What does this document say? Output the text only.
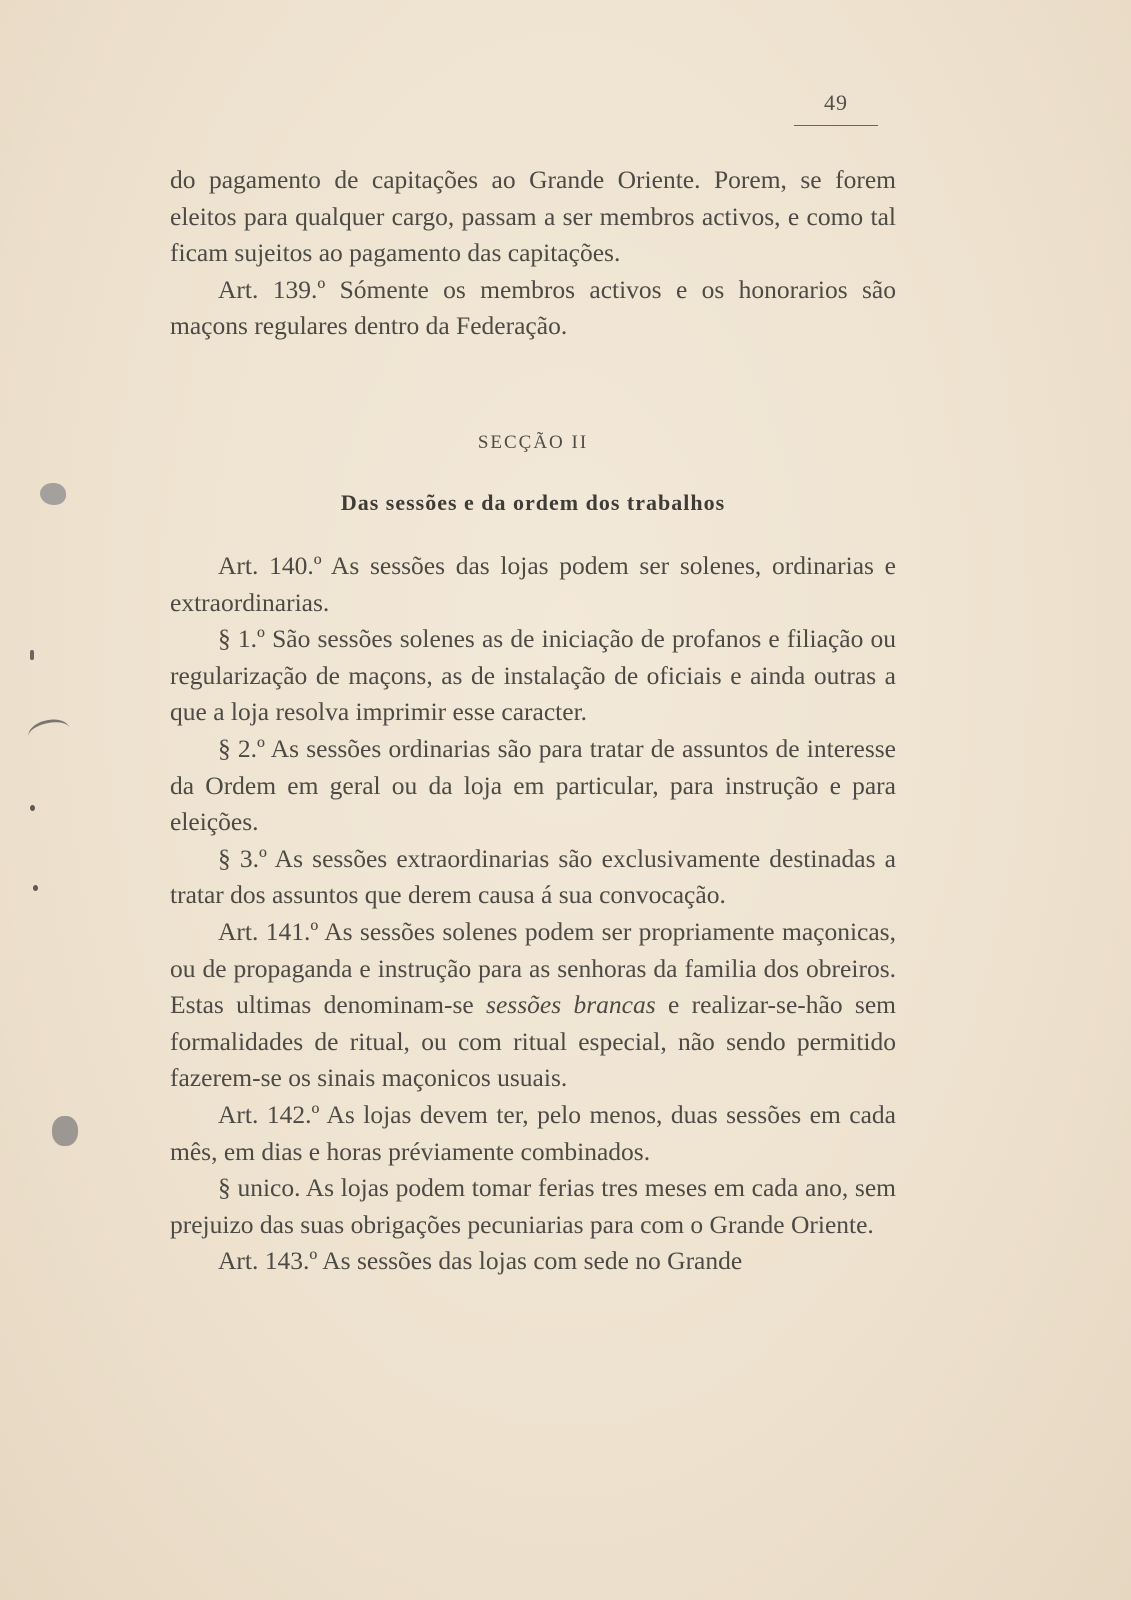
49

do pagamento de capitações ao Grande Oriente. Porem, se forem eleitos para qualquer cargo, passam a ser membros activos, e como tal ficam sujeitos ao pagamento das capitações.

Art. 139.º Sómente os membros activos e os honorarios são maçons regulares dentro da Federação.

SECÇÃO II
Das sessões e da ordem dos trabalhos

Art. 140.º As sessões das lojas podem ser solenes, ordinarias e extraordinarias.

§ 1.º São sessões solenes as de iniciação de profanos e filiação ou regularização de maçons, as de instalação de oficiais e ainda outras a que a loja resolva imprimir esse caracter.

§ 2.º As sessões ordinarias são para tratar de assuntos de interesse da Ordem em geral ou da loja em particular, para instrução e para eleições.

§ 3.º As sessões extraordinarias são exclusivamente destinadas a tratar dos assuntos que derem causa á sua convocação.

Art. 141.º As sessões solenes podem ser propriamente maçonicas, ou de propaganda e instrução para as senhoras da familia dos obreiros. Estas ultimas denominam-se sessões brancas e realizar-se-hão sem formalidades de ritual, ou com ritual especial, não sendo permitido fazerem-se os sinais maçonicos usuais.

Art. 142.º As lojas devem ter, pelo menos, duas sessões em cada mês, em dias e horas préviamente combinados.

§ unico. As lojas podem tomar ferias tres meses em cada ano, sem prejuizo das suas obrigações pecuniarias para com o Grande Oriente.

Art. 143.º As sessões das lojas com sede no Grande
